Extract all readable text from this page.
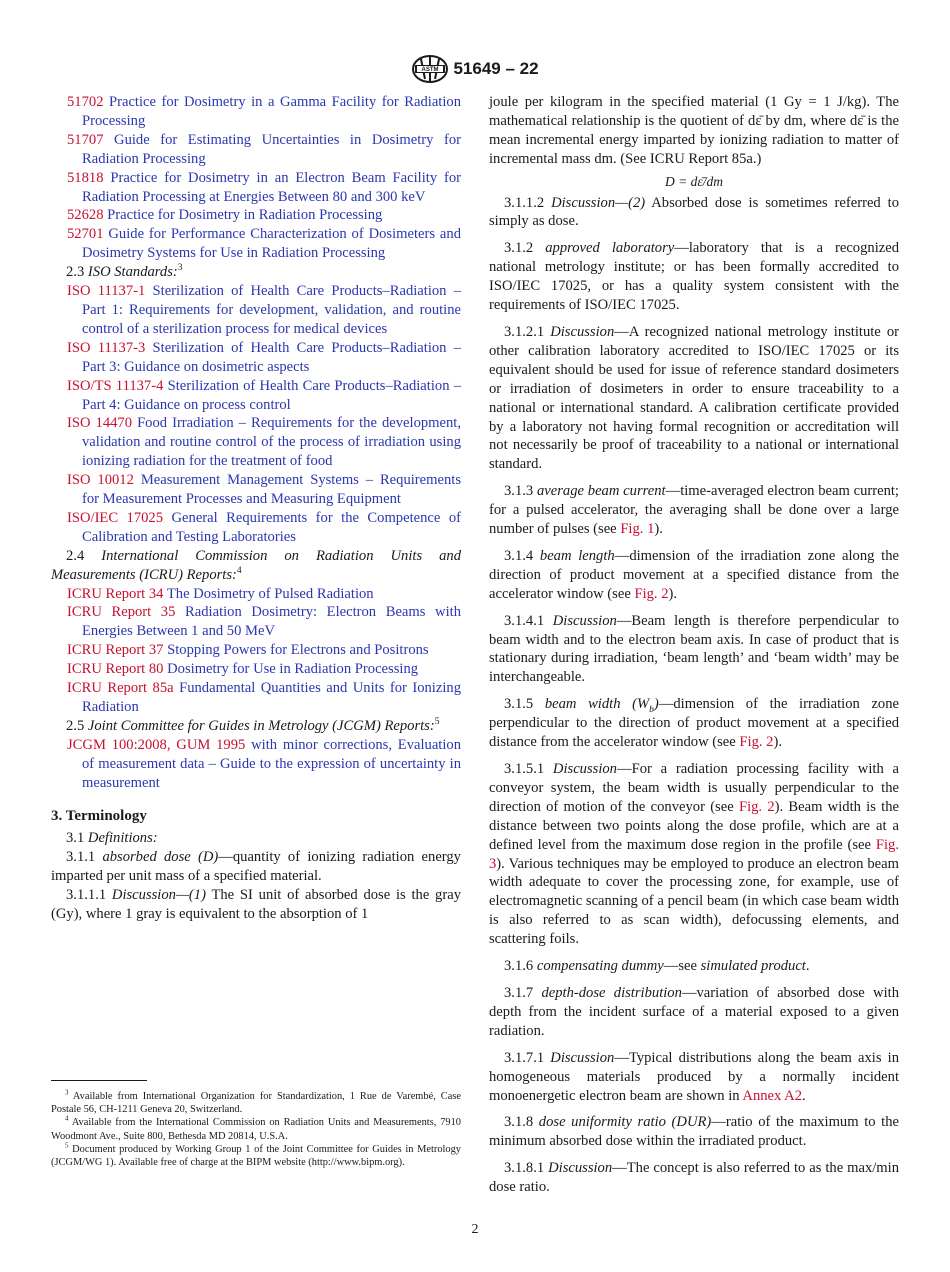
ASTM 51649 – 22
51702 Practice for Dosimetry in a Gamma Facility for Radiation Processing
51707 Guide for Estimating Uncertainties in Dosimetry for Radiation Processing
51818 Practice for Dosimetry in an Electron Beam Facility for Radiation Processing at Energies Between 80 and 300 keV
52628 Practice for Dosimetry in Radiation Processing
52701 Guide for Performance Characterization of Dosimeters and Dosimetry Systems for Use in Radiation Processing
2.3 ISO Standards:$^3$
ISO 11137-1 Sterilization of Health Care Products–Radiation – Part 1: Requirements for development, validation, and routine control of a sterilization process for medical devices
ISO 11137-3 Sterilization of Health Care Products–Radiation – Part 3: Guidance on dosimetric aspects
ISO/TS 11137-4 Sterilization of Health Care Products–Radiation – Part 4: Guidance on process control
ISO 14470 Food Irradiation – Requirements for the development, validation and routine control of the process of irradiation using ionizing radiation for the treatment of food
ISO 10012 Measurement Management Systems – Requirements for Measurement Processes and Measuring Equipment
ISO/IEC 17025 General Requirements for the Competence of Calibration and Testing Laboratories
2.4 International Commission on Radiation Units and Measurements (ICRU) Reports:$^4$
ICRU Report 34 The Dosimetry of Pulsed Radiation
ICRU Report 35 Radiation Dosimetry: Electron Beams with Energies Between 1 and 50 MeV
ICRU Report 37 Stopping Powers for Electrons and Positrons
ICRU Report 80 Dosimetry for Use in Radiation Processing
ICRU Report 85a Fundamental Quantities and Units for Ionizing Radiation
2.5 Joint Committee for Guides in Metrology (JCGM) Reports:$^5$
JCGM 100:2008, GUM 1995 with minor corrections, Evaluation of measurement data – Guide to the expression of uncertainty in measurement
3. Terminology

3.1 Definitions:

3.1.1 absorbed dose (D)—quantity of ionizing radiation energy imparted per unit mass of a specified material.

3.1.1.1 Discussion—(1) The SI unit of absorbed dose is the gray (Gy), where 1 gray is equivalent to the absorption of 1

joule per kilogram in the specified material (1 Gy = 1 J/kg). The mathematical relationship is the quotient of dε̄ by dm, where dε̄ is the mean incremental energy imparted by ionizing radiation to matter of incremental mass dm. (See ICRU Report 85a.)

D = dε̄/dm

3.1.1.2 Discussion—(2) Absorbed dose is sometimes referred to simply as dose.

3.1.2 approved laboratory—laboratory that is a recognized national metrology institute; or has been formally accredited to ISO/IEC 17025, or has a quality system consistent with the requirements of ISO/IEC 17025.

3.1.2.1 Discussion—A recognized national metrology institute or other calibration laboratory accredited to ISO/IEC 17025 or its equivalent should be used for issue of reference standard dosimeters or irradiation of dosimeters in order to ensure traceability to a national or international standard. A calibration certificate provided by a laboratory not having formal recognition or accreditation will not necessarily be proof of traceability to a national or international standard.

3.1.3 average beam current—time-averaged electron beam current; for a pulsed accelerator, the averaging shall be done over a large number of pulses (see Fig. 1).

3.1.4 beam length—dimension of the irradiation zone along the direction of product movement at a specified distance from the accelerator window (see Fig. 2).

3.1.4.1 Discussion—Beam length is therefore perpendicular to beam width and to the electron beam axis. In case of product that is stationary during irradiation, ‘beam length’ and ‘beam width’ may be interchangeable.

3.1.5 beam width $(W_b)—dimension$ of the irradiation zone perpendicular to the direction of product movement at a specified distance from the accelerator window (see Fig. 2).

3.1.5.1 Discussion—For a radiation processing facility with a conveyor system, the beam width is usually perpendicular to the direction of motion of the conveyor (see Fig. 2). Beam width is the distance between two points along the dose profile, which are at a defined level from the maximum dose region in the profile (see Fig. 3). Various techniques may be employed to produce an electron beam width adequate to cover the processing zone, for example, use of electromagnetic scanning of a pencil beam (in which case beam width is also referred to as scan width), defocussing elements, and scattering foils.

3.1.6 compensating dummy—see simulated product.

3.1.7 depth-dose distribution—variation of absorbed dose with depth from the incident surface of a material exposed to a given radiation.

3.1.7.1 Discussion—Typical distributions along the beam axis in homogeneous materials produced by a normally incident monoenergetic electron beam are shown in Annex A2.

3.1.8 dose uniformity ratio (DUR)—ratio of the maximum to the minimum absorbed dose within the irradiated product.

3.1.8.1 Discussion—The concept is also referred to as the max/min dose ratio.

$^3$ Available from International Organization for Standardization, 1 Rue de Varembé, Case Postale 56, CH-1211 Geneva 20, Switzerland.
$^4$ Available from the International Commission on Radiation Units and Measurements, 7910 Woodmont Ave., Suite 800, Bethesda MD 20814, U.S.A.
$^5$ Document produced by Working Group 1 of the Joint Committee for Guides in Metrology (JCGM/WG 1). Available free of charge at the BIPM website (http://www.bipm.org).
2
